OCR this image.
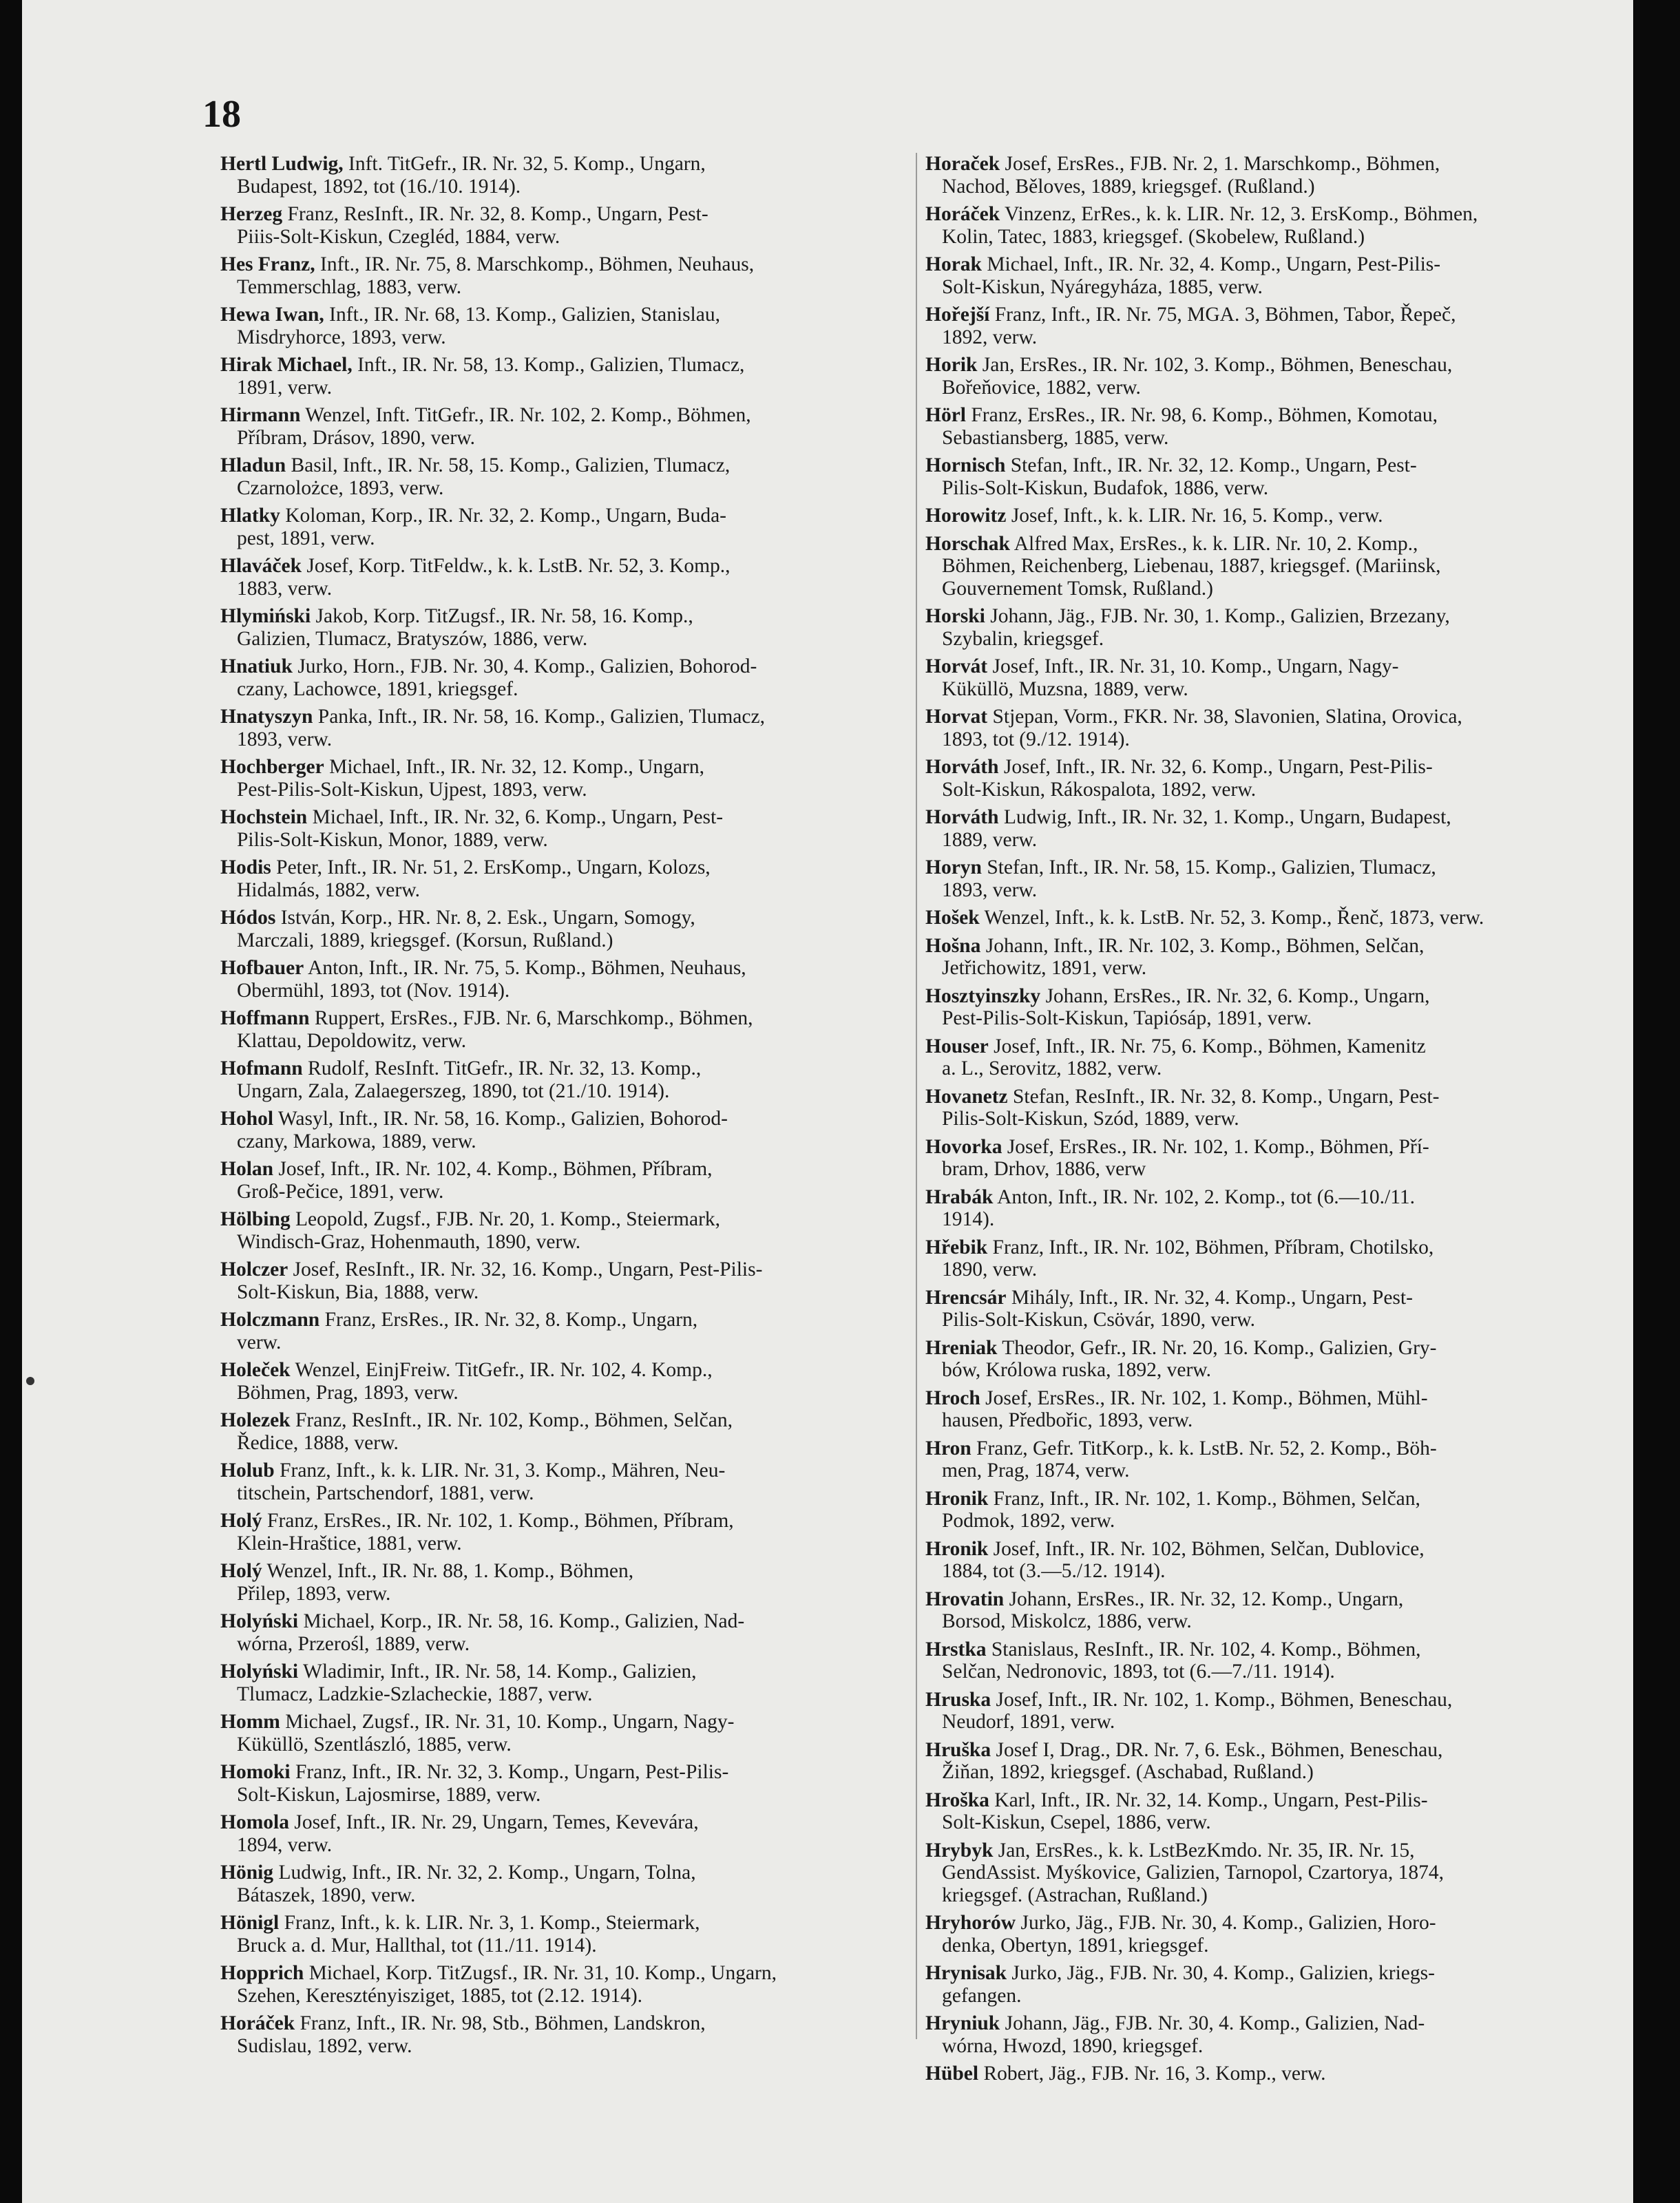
18
Hertl Ludwig, Inft. TitGefr., IR. Nr. 32, 5. Komp., Ungarn,
Budapest, 1892, tot (16./10. 1914).
Herzeg Franz, ResInft., IR. Nr. 32, 8. Komp., Ungarn, Pest-
Piiis-Solt-Kiskun, Czegléd, 1884, verw.
Hes Franz, Inft., IR. Nr. 75, 8. Marschkomp., Böhmen, Neuhaus,
Temmerschlag, 1883, verw.
Hewa Iwan, Inft., IR. Nr. 68, 13. Komp., Galizien, Stanislau,
Misdryhorce, 1893, verw.
Hirak Michael, Inft., IR. Nr. 58, 13. Komp., Galizien, Tlumacz,
1891, verw.
Hirmann Wenzel, Inft. TitGefr., IR. Nr. 102, 2. Komp., Böhmen,
Příbram, Drásov, 1890, verw.
Hladun Basil, Inft., IR. Nr. 58, 15. Komp., Galizien, Tlumacz,
Czarnolożce, 1893, verw.
Hlatky Koloman, Korp., IR. Nr. 32, 2. Komp., Ungarn, Buda-
pest, 1891, verw.
Hlaváček Josef, Korp. TitFeldw., k. k. LstB. Nr. 52, 3. Komp.,
1883, verw.
Hlymiński Jakob, Korp. TitZugsf., IR. Nr. 58, 16. Komp.,
Galizien, Tlumacz, Bratyszów, 1886, verw.
Hnatiuk Jurko, Horn., FJB. Nr. 30, 4. Komp., Galizien, Bohorod-
czany, Lachowce, 1891, kriegsgef.
Hnatyszyn Panka, Inft., IR. Nr. 58, 16. Komp., Galizien, Tlumacz,
1893, verw.
Hochberger Michael, Inft., IR. Nr. 32, 12. Komp., Ungarn,
Pest-Pilis-Solt-Kiskun, Ujpest, 1893, verw.
Hochstein Michael, Inft., IR. Nr. 32, 6. Komp., Ungarn, Pest-
Pilis-Solt-Kiskun, Monor, 1889, verw.
Hodis Peter, Inft., IR. Nr. 51, 2. ErsKomp., Ungarn, Kolozs,
Hidalmás, 1882, verw.
Hódos István, Korp., HR. Nr. 8, 2. Esk., Ungarn, Somogy,
Marczali, 1889, kriegsgef. (Korsun, Rußland.)
Hofbauer Anton, Inft., IR. Nr. 75, 5. Komp., Böhmen, Neuhaus,
Obermühl, 1893, tot (Nov. 1914).
Hoffmann Ruppert, ErsRes., FJB. Nr. 6, Marschkomp., Böhmen,
Klattau, Depoldowitz, verw.
Hofmann Rudolf, ResInft. TitGefr., IR. Nr. 32, 13. Komp.,
Ungarn, Zala, Zalaegerszeg, 1890, tot (21./10. 1914).
Hohol Wasyl, Inft., IR. Nr. 58, 16. Komp., Galizien, Bohorod-
czany, Markowa, 1889, verw.
Holan Josef, Inft., IR. Nr. 102, 4. Komp., Böhmen, Příbram,
Groß-Pečice, 1891, verw.
Hölbing Leopold, Zugsf., FJB. Nr. 20, 1. Komp., Steiermark,
Windisch-Graz, Hohenmauth, 1890, verw.
Holczer Josef, ResInft., IR. Nr. 32, 16. Komp., Ungarn, Pest-Pilis-
Solt-Kiskun, Bia, 1888, verw.
Holczmann Franz, ErsRes., IR. Nr. 32, 8. Komp., Ungarn,
verw.
Holeček Wenzel, EinjFreiw. TitGefr., IR. Nr. 102, 4. Komp.,
Böhmen, Prag, 1893, verw.
Holezek Franz, ResInft., IR. Nr. 102, Komp., Böhmen, Selčan,
Ředice, 1888, verw.
Holub Franz, Inft., k. k. LIR. Nr. 31, 3. Komp., Mähren, Neu-
titschein, Partschendorf, 1881, verw.
Holý Franz, ErsRes., IR. Nr. 102, 1. Komp., Böhmen, Příbram,
Klein-Hraštice, 1881, verw.
Holý Wenzel, Inft., IR. Nr. 88, 1. Komp., Böhmen,
Přilep, 1893, verw.
Holyński Michael, Korp., IR. Nr. 58, 16. Komp., Galizien, Nad-
wórna, Przerośl, 1889, verw.
Holyński Wladimir, Inft., IR. Nr. 58, 14. Komp., Galizien,
Tlumacz, Ladzkie-Szlacheckie, 1887, verw.
Homm Michael, Zugsf., IR. Nr. 31, 10. Komp., Ungarn, Nagy-
Küküllö, Szentlászló, 1885, verw.
Homoki Franz, Inft., IR. Nr. 32, 3. Komp., Ungarn, Pest-Pilis-
Solt-Kiskun, Lajosmirse, 1889, verw.
Homola Josef, Inft., IR. Nr. 29, Ungarn, Temes, Kevevára,
1894, verw.
Hönig Ludwig, Inft., IR. Nr. 32, 2. Komp., Ungarn, Tolna,
Bátaszek, 1890, verw.
Hönigl Franz, Inft., k. k. LIR. Nr. 3, 1. Komp., Steiermark,
Bruck a. d. Mur, Hallthal, tot (11./11. 1914).
Hopprich Michael, Korp. TitZugsf., IR. Nr. 31, 10. Komp., Ungarn,
Szehen, Keresztényisziget, 1885, tot (2.12. 1914).
Horáček Franz, Inft., IR. Nr. 98, Stb., Böhmen, Landskron,
Sudislau, 1892, verw.
Horaček Josef, ErsRes., FJB. Nr. 2, 1. Marschkomp., Böhmen,
Nachod, Běloves, 1889, kriegsgef. (Rußland.)
Horáček Vinzenz, ErRes., k. k. LIR. Nr. 12, 3. ErsKomp., Böhmen,
Kolin, Tatec, 1883, kriegsgef. (Skobelew, Rußland.)
Horak Michael, Inft., IR. Nr. 32, 4. Komp., Ungarn, Pest-Pilis-
Solt-Kiskun, Nyáregyháza, 1885, verw.
Hořejší Franz, Inft., IR. Nr. 75, MGA. 3, Böhmen, Tabor, Řepeč,
1892, verw.
Horik Jan, ErsRes., IR. Nr. 102, 3. Komp., Böhmen, Beneschau,
Bořeňovice, 1882, verw.
Hörl Franz, ErsRes., IR. Nr. 98, 6. Komp., Böhmen, Komotau,
Sebastiansberg, 1885, verw.
Hornisch Stefan, Inft., IR. Nr. 32, 12. Komp., Ungarn, Pest-
Pilis-Solt-Kiskun, Budafok, 1886, verw.
Horowitz Josef, Inft., k. k. LIR. Nr. 16, 5. Komp., verw.
Horschak Alfred Max, ErsRes., k. k. LIR. Nr. 10, 2. Komp.,
Böhmen, Reichenberg, Liebenau, 1887, kriegsgef. (Mariinsk,
Gouvernement Tomsk, Rußland.)
Horski Johann, Jäg., FJB. Nr. 30, 1. Komp., Galizien, Brzezany,
Szybalin, kriegsgef.
Horvát Josef, Inft., IR. Nr. 31, 10. Komp., Ungarn, Nagy-
Küküllö, Muzsna, 1889, verw.
Horvat Stjepan, Vorm., FKR. Nr. 38, Slavonien, Slatina, Orovica,
1893, tot (9./12. 1914).
Horváth Josef, Inft., IR. Nr. 32, 6. Komp., Ungarn, Pest-Pilis-
Solt-Kiskun, Rákospalota, 1892, verw.
Horváth Ludwig, Inft., IR. Nr. 32, 1. Komp., Ungarn, Budapest,
1889, verw.
Horyn Stefan, Inft., IR. Nr. 58, 15. Komp., Galizien, Tlumacz,
1893, verw.
Hošek Wenzel, Inft., k. k. LstB. Nr. 52, 3. Komp., Řenč, 1873, verw.
Hošna Johann, Inft., IR. Nr. 102, 3. Komp., Böhmen, Selčan,
Jetřichowitz, 1891, verw.
Hosztyinszky Johann, ErsRes., IR. Nr. 32, 6. Komp., Ungarn,
Pest-Pilis-Solt-Kiskun, Tapiósáp, 1891, verw.
Houser Josef, Inft., IR. Nr. 75, 6. Komp., Böhmen, Kamenitz
a. L., Serovitz, 1882, verw.
Hovanetz Stefan, ResInft., IR. Nr. 32, 8. Komp., Ungarn, Pest-
Pilis-Solt-Kiskun, Szód, 1889, verw.
Hovorka Josef, ErsRes., IR. Nr. 102, 1. Komp., Böhmen, Pří-
bram, Drhov, 1886, verw
Hrabák Anton, Inft., IR. Nr. 102, 2. Komp., tot (6.—10./11.
1914).
Hřebik Franz, Inft., IR. Nr. 102, Böhmen, Příbram, Chotilsko,
1890, verw.
Hrencsár Mihály, Inft., IR. Nr. 32, 4. Komp., Ungarn, Pest-
Pilis-Solt-Kiskun, Csövár, 1890, verw.
Hreniak Theodor, Gefr., IR. Nr. 20, 16. Komp., Galizien, Gry-
bów, Królowa ruska, 1892, verw.
Hroch Josef, ErsRes., IR. Nr. 102, 1. Komp., Böhmen, Mühl-
hausen, Předbořic, 1893, verw.
Hron Franz, Gefr. TitKorp., k. k. LstB. Nr. 52, 2. Komp., Böh-
men, Prag, 1874, verw.
Hronik Franz, Inft., IR. Nr. 102, 1. Komp., Böhmen, Selčan,
Podmok, 1892, verw.
Hronik Josef, Inft., IR. Nr. 102, Böhmen, Selčan, Dublovice,
1884, tot (3.—5./12. 1914).
Hrovatin Johann, ErsRes., IR. Nr. 32, 12. Komp., Ungarn,
Borsod, Miskolcz, 1886, verw.
Hrstka Stanislaus, ResInft., IR. Nr. 102, 4. Komp., Böhmen,
Selčan, Nedronovic, 1893, tot (6.—7./11. 1914).
Hruska Josef, Inft., IR. Nr. 102, 1. Komp., Böhmen, Beneschau,
Neudorf, 1891, verw.
Hruška Josef I, Drag., DR. Nr. 7, 6. Esk., Böhmen, Beneschau,
Žiňan, 1892, kriegsgef. (Aschabad, Rußland.)
Hroška Karl, Inft., IR. Nr. 32, 14. Komp., Ungarn, Pest-Pilis-
Solt-Kiskun, Csepel, 1886, verw.
Hrybyk Jan, ErsRes., k. k. LstBezKmdo. Nr. 35, IR. Nr. 15,
GendAssist. Myśkovice, Galizien, Tarnopol, Czartorya, 1874,
kriegsgef. (Astrachan, Rußland.)
Hryhorów Jurko, Jäg., FJB. Nr. 30, 4. Komp., Galizien, Horo-
denka, Obertyn, 1891, kriegsgef.
Hrynisak Jurko, Jäg., FJB. Nr. 30, 4. Komp., Galizien, kriegs-
gefangen.
Hryniuk Johann, Jäg., FJB. Nr. 30, 4. Komp., Galizien, Nad-
wórna, Hwozd, 1890, kriegsgef.
Hübel Robert, Jäg., FJB. Nr. 16, 3. Komp., verw.
